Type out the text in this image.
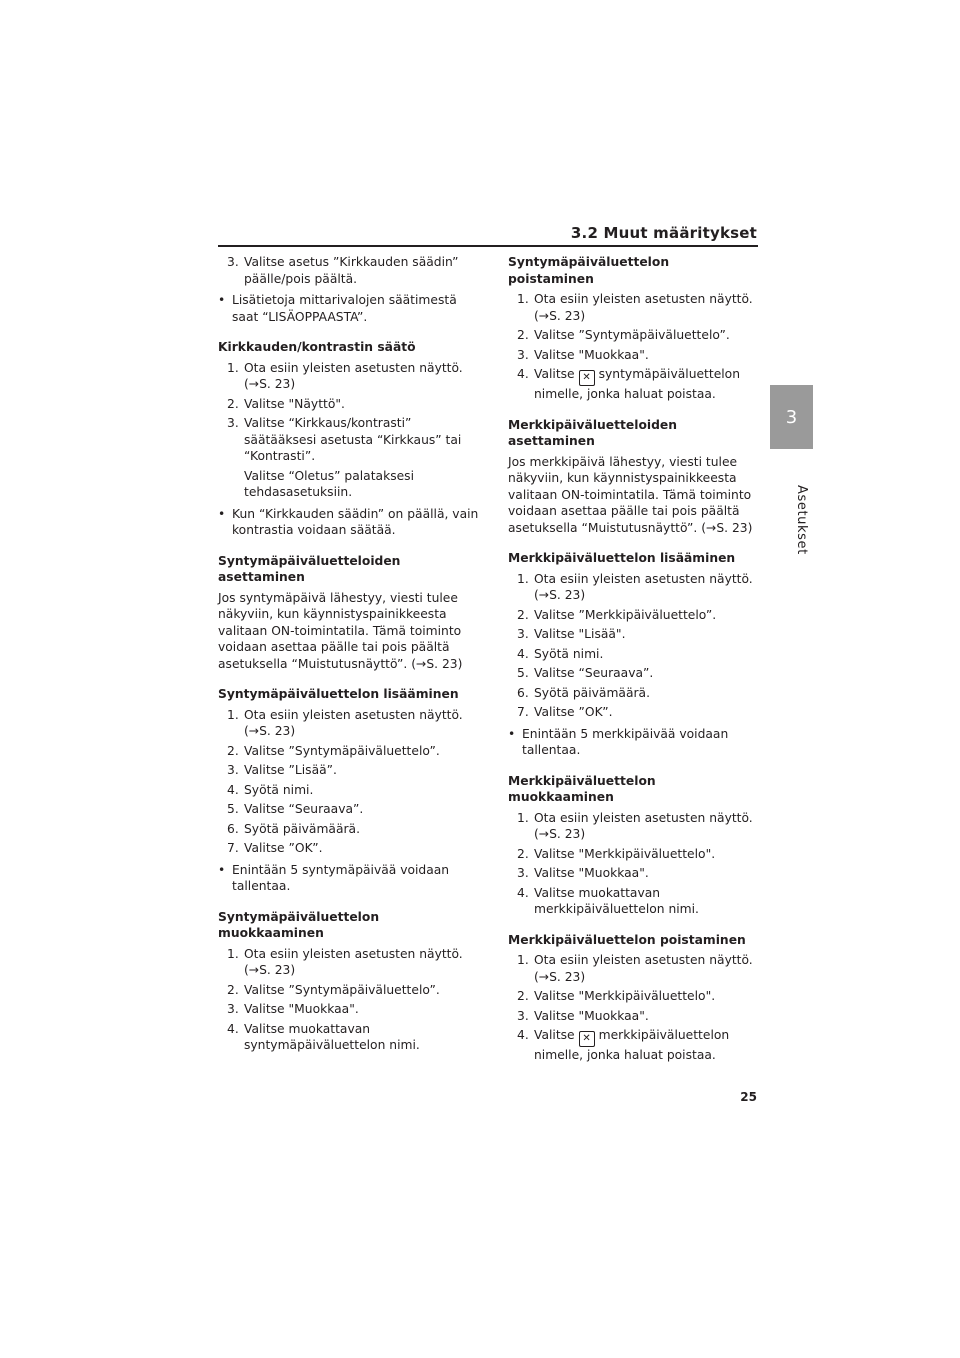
3.2 Muut määritykset
3
Asetukset
3. Valitse asetus ”Kirkkauden säädin” päälle/pois päältä.
• Lisätietoja mittarivalojen säätimestä saat “LISÄOPPAASTA”.
Kirkkauden/kontrastin säätö
1. Ota esiin yleisten asetusten näyttö. (→S. 23)
2. Valitse "Näyttö".
3. Valitse “Kirkkaus/kontrasti” säätääksesi asetusta “Kirkkaus” tai “Kontrasti”.
Valitse “Oletus” palataksesi tehdasasetuksiin.
• Kun “Kirkkauden säädin” on päällä, vain kontrastia voidaan säätää.
Syntymäpäiväluetteloiden asettaminen
Jos syntymäpäivä lähestyy, viesti tulee näkyviin, kun käynnistyspainikkeesta valitaan ON-toimintatila. Tämä toiminto voidaan asettaa päälle tai pois päältä asetuksella “Muistutusnäyttö”. (→S. 23)
Syntymäpäiväluettelon lisääminen
1. Ota esiin yleisten asetusten näyttö. (→S. 23)
2. Valitse ”Syntymäpäiväluettelo”.
3. Valitse ”Lisää”.
4. Syötä nimi.
5. Valitse “Seuraava”.
6. Syötä päivämäärä.
7. Valitse ”OK”.
• Enintään 5 syntymäpäivää voidaan tallentaa.
Syntymäpäiväluettelon muokkaaminen
1. Ota esiin yleisten asetusten näyttö. (→S. 23)
2. Valitse ”Syntymäpäiväluettelo”.
3. Valitse "Muokkaa".
4. Valitse muokattavan syntymäpäiväluettelon nimi.
Syntymäpäiväluettelon poistaminen
1. Ota esiin yleisten asetusten näyttö. (→S. 23)
2. Valitse ”Syntymäpäiväluettelo”.
3. Valitse "Muokkaa".
4. Valitse ✕ syntymäpäiväluettelon nimelle, jonka haluat poistaa.
Merkkipäiväluetteloiden asettaminen
Jos merkkipäivä lähestyy, viesti tulee näkyviin, kun käynnistyspainikkeesta valitaan ON-toimintatila. Tämä toiminto voidaan asettaa päälle tai pois päältä asetuksella “Muistutusnäyttö”. (→S. 23)
Merkkipäiväluettelon lisääminen
1. Ota esiin yleisten asetusten näyttö. (→S. 23)
2. Valitse ”Merkkipäiväluettelo”.
3. Valitse "Lisää".
4. Syötä nimi.
5. Valitse “Seuraava”.
6. Syötä päivämäärä.
7. Valitse ”OK”.
• Enintään 5 merkkipäivää voidaan tallentaa.
Merkkipäiväluettelon muokkaaminen
1. Ota esiin yleisten asetusten näyttö. (→S. 23)
2. Valitse "Merkkipäiväluettelo".
3. Valitse "Muokkaa".
4. Valitse muokattavan merkkipäiväluettelon nimi.
Merkkipäiväluettelon poistaminen
1. Ota esiin yleisten asetusten näyttö. (→S. 23)
2. Valitse "Merkkipäiväluettelo".
3. Valitse "Muokkaa".
4. Valitse ✕ merkkipäiväluettelon nimelle, jonka haluat poistaa.
25
